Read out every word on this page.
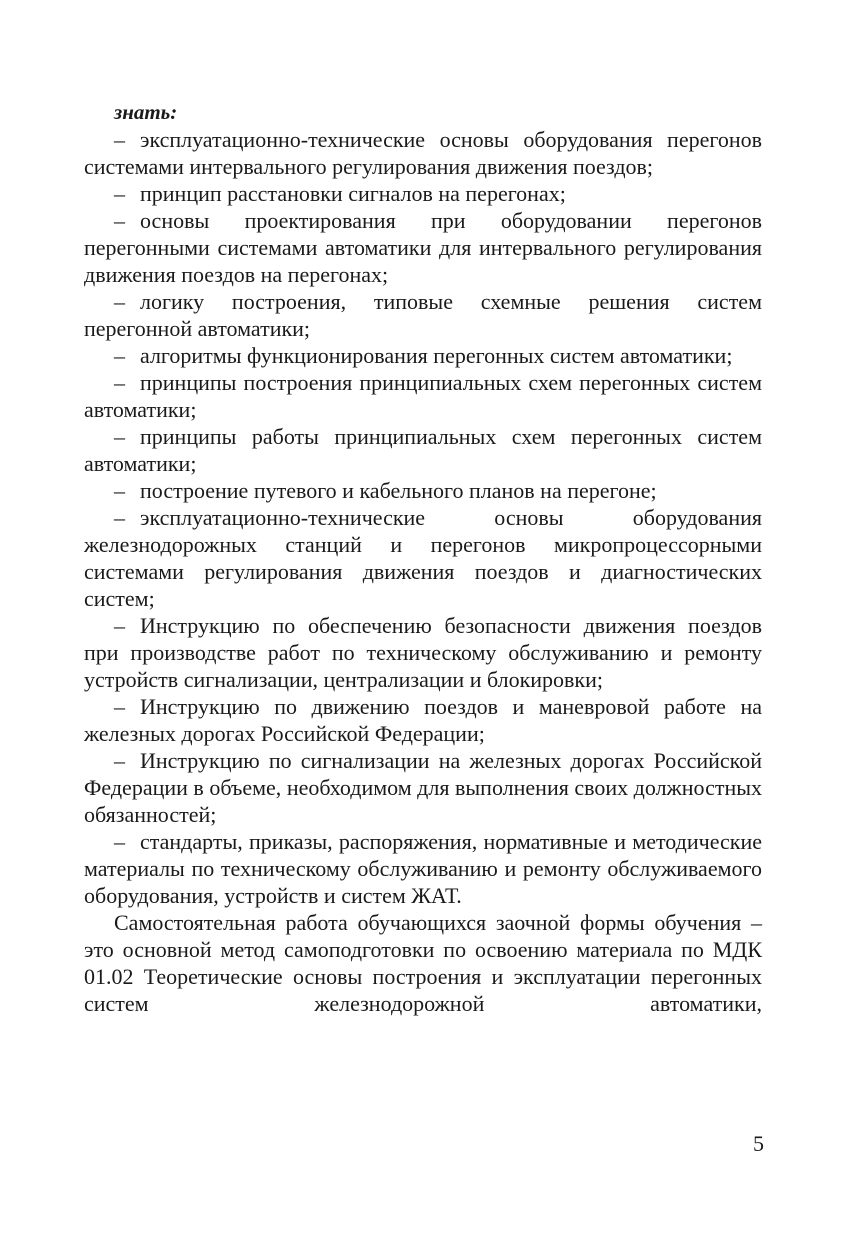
знать:

– эксплуатационно-технические основы оборудования перегонов системами интервального регулирования движения поездов;

– принцип расстановки сигналов на перегонах;

– основы проектирования при оборудовании перегонов перегонными системами автоматики для интервального регулирования движения поездов на перегонах;

– логику построения, типовые схемные решения систем перегонной автоматики;

– алгоритмы функционирования перегонных систем автоматики;

– принципы построения принципиальных схем перегонных систем автоматики;

– принципы работы принципиальных схем перегонных систем автоматики;

– построение путевого и кабельного планов на перегоне;

– эксплуатационно-технические основы оборудования железнодорожных станций и перегонов микропроцессорными системами регулирования движения поездов и диагностических систем;

– Инструкцию по обеспечению безопасности движения поездов при производстве работ по техническому обслуживанию и ремонту устройств сигнализации, централизации и блокировки;

– Инструкцию по движению поездов и маневровой работе на железных дорогах Российской Федерации;

– Инструкцию по сигнализации на железных дорогах Российской Федерации в объеме, необходимом для выполнения своих должностных обязанностей;

– стандарты, приказы, распоряжения, нормативные и методические материалы по техническому обслуживанию и ремонту обслуживаемого оборудования, устройств и систем ЖАТ.

Самостоятельная работа обучающихся заочной формы обучения – это основной метод самоподготовки по освоению материала по МДК 01.02 Теоретические основы построения и эксплуатации перегонных систем железнодорожной автоматики,

5
